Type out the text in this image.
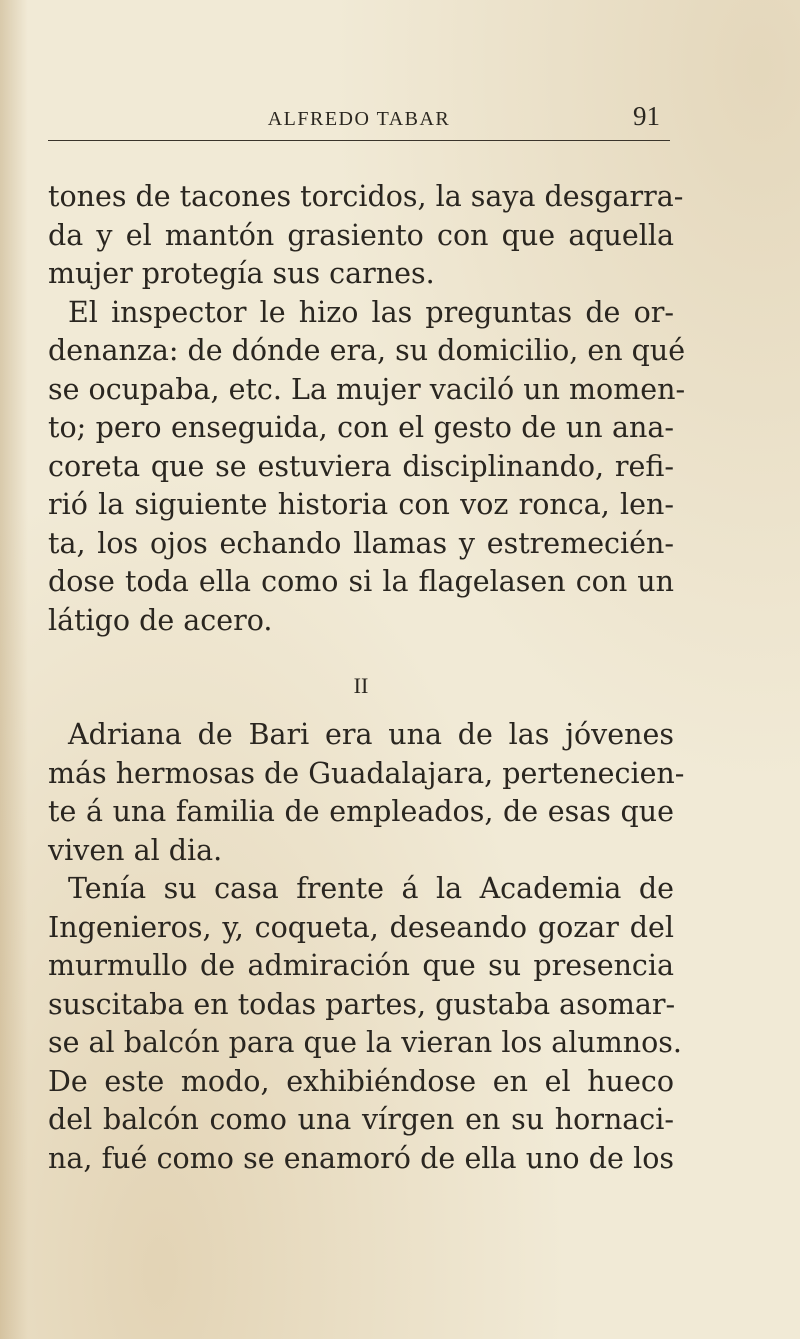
ALFREDO TABAR	91
tones de tacones torcidos, la saya desgarra-
da y el mantón grasiento con que aquella
mujer protegía sus carnes.
El inspector le hizo las preguntas de or-
denanza: de dónde era, su domicilio, en qué
se ocupaba, etc. La mujer vaciló un momen-
to; pero enseguida, con el gesto de un ana-
coreta que se estuviera disciplinando, refi-
rió la siguiente historia con voz ronca, len-
ta, los ojos echando llamas y estremecién-
dose toda ella como si la flagelasen con un
látigo de acero.
II
Adriana de Bari era una de las jóvenes
más hermosas de Guadalajara, pertenecien-
te á una familia de empleados, de esas que
viven al dia.
Tenía su casa frente á la Academia de
Ingenieros, y, coqueta, deseando gozar del
murmullo de admiración que su presencia
suscitaba en todas partes, gustaba asomar-
se al balcón para que la vieran los alumnos.
De este modo, exhibiéndose en el hueco
del balcón como una vírgen en su hornaci-
na, fué como se enamoró de ella uno de los
